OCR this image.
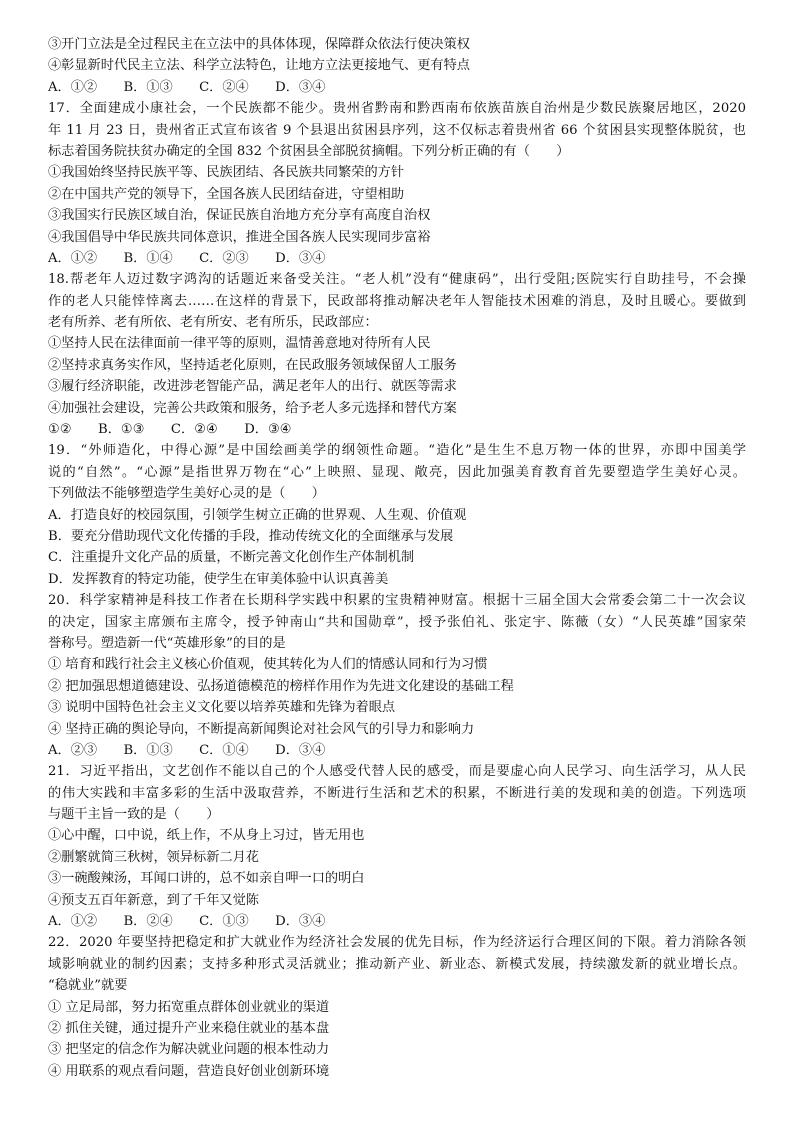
③开门立法是全过程民主在立法中的具体体现，保障群众依法行使决策权
④彰显新时代民主立法、科学立法特色，让地方立法更接地气、更有特点
A．①②　　B．①③　　C．②④　　D．③④
17．全面建成小康社会，一个民族都不能少。贵州省黔南和黔西南布依族苗族自治州是少数民族聚居地区，2020
年 11 月 23 日，贵州省正式宣布该省 9 个县退出贫困县序列，这不仅标志着贵州省 66 个贫困县实现整体脱贫，也
标志着国务院扶贫办确定的全国 832 个贫困县全部脱贫摘帽。下列分析正确的有（　　）
①我国始终坚持民族平等、民族团结、各民族共同繁荣的方针
②在中国共产党的领导下，全国各族人民团结奋进，守望相助
③我国实行民族区域自治，保证民族自治地方充分享有高度自治权
④我国倡导中华民族共同体意识，推进全国各族人民实现同步富裕
A．①②　　B．①④　　C．②③　　D．③④
18.帮老年人迈过数字鸿沟的话题近来备受关注。“老人机”没有“健康码”，出行受阻;医院实行自助挂号，不会操
作的老人只能悻悻离去……在这样的背景下，民政部将推动解决老年人智能技术困难的消息，及时且暖心。要做到
老有所养、老有所依、老有所安、老有所乐，民政部应：
①坚持人民在法律面前一律平等的原则，温情善意地对待所有人民
②坚持求真务实作风，坚持适老化原则，在民政服务领域保留人工服务
③履行经济职能，改进涉老智能产品，满足老年人的出行、就医等需求
④加强社会建设，完善公共政策和服务，给予老人多元选择和替代方案
①②　　B．①③　　C．②④　　D．③④
19．“外师造化，中得心源”是中国绘画美学的纲领性命题。“造化”是生生不息万物一体的世界，亦即中国美学
说的“自然”。“心源”是指世界万物在“心”上映照、显现、敞亮，因此加强美育教育首先要塑造学生美好心灵。
下列做法不能够塑造学生美好心灵的是（　　）
A．打造良好的校园氛围，引领学生树立正确的世界观、人生观、价值观
B．要充分借助现代文化传播的手段，推动传统文化的全面继承与发展
C．注重提升文化产品的质量，不断完善文化创作生产体制机制
D．发挥教育的特定功能，使学生在审美体验中认识真善美
20．科学家精神是科技工作者在长期科学实践中积累的宝贵精神财富。根据十三届全国大会常委会第二十一次会议
的决定，国家主席颁布主席令，授予钟南山“共和国勋章”，授予张伯礼、张定宇、陈薇（女）“人民英雄”国家荣
誉称号。塑造新一代“英雄形象”的目的是
① 培育和践行社会主义核心价值观，使其转化为人们的情感认同和行为习惯
② 把加强思想道德建设、弘扬道德模范的榜样作用作为先进文化建设的基础工程
③ 说明中国特色社会主义文化要以培养英雄和先锋为着眼点
④ 坚持正确的舆论导向，不断提高新闻舆论对社会风气的引导力和影响力
A．②③　　B．①③　　C．①④　　D．③④
21．习近平指出，文艺创作不能以自己的个人感受代替人民的感受，而是要虚心向人民学习、向生活学习，从人民
的伟大实践和丰富多彩的生活中汲取营养，不断进行生活和艺术的积累，不断进行美的发现和美的创造。下列选项
与题干主旨一致的是（　　）
①心中醒，口中说，纸上作，不从身上习过，皆无用也
②删繁就简三秋树，领异标新二月花
③一碗酸辣汤，耳闻口讲的，总不如亲自呷一口的明白
④预支五百年新意，到了千年又觉陈
A．①②　　B．②④　　C．①③　　D．③④
22．2020 年要坚持把稳定和扩大就业作为经济社会发展的优先目标，作为经济运行合理区间的下限。着力消除各领
域影响就业的制约因素；支持多种形式灵活就业；推动新产业、新业态、新模式发展，持续激发新的就业增长点。
“稳就业”就要
① 立足局部，努力拓宽重点群体创业就业的渠道
② 抓住关键，通过提升产业来稳住就业的基本盘
③ 把坚定的信念作为解决就业问题的根本性动力
④ 用联系的观点看问题，营造良好创业创新环境
